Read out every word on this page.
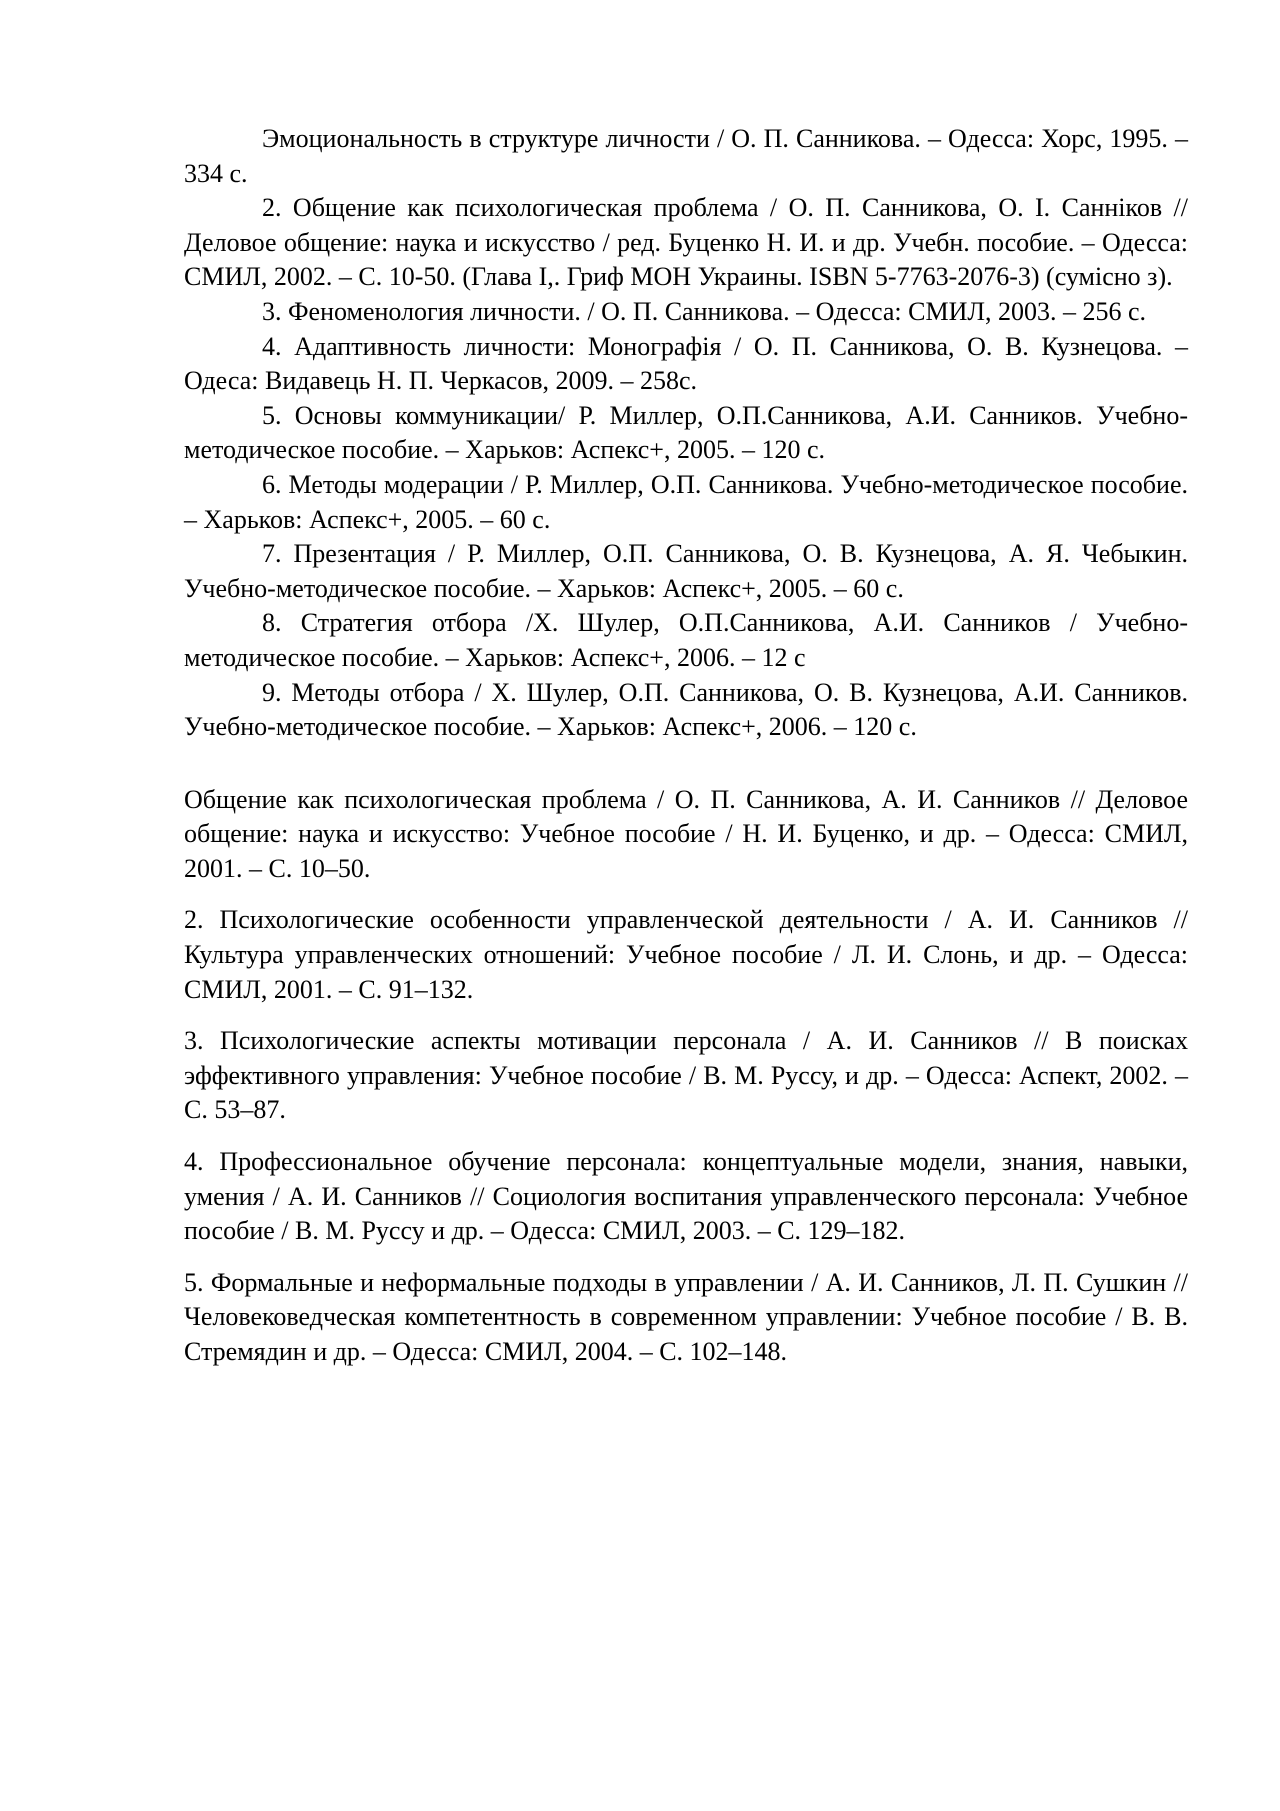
Эмоциональность в структуре личности / О. П. Санникова. – Одесса: Хорс, 1995. – 334 с.

2. Общение как психологическая проблема / О. П. Санникова, О. І. Санніков // Деловое общение: наука и искусство / ред. Буценко Н. И. и др. Учебн. пособие. – Одесса: СМИЛ, 2002. – С. 10-50. (Глава І,. Гриф МОН Украины. ISBN 5-7763-2076-3) (сумісно з).

3. Феноменология личности. / О. П. Санникова. – Одесса: СМИЛ, 2003. – 256 с.

4. Адаптивность личности: Монографія / О. П. Санникова, О. В. Кузнецова. – Одеса: Видавець Н. П. Черкасов, 2009. – 258с.

5. Основы коммуникации/ Р. Миллер, О.П.Санникова, А.И. Санников. Учебно-методическое пособие. – Харьков: Аспекс+, 2005. – 120 с.

6. Методы модерации / Р. Миллер, О.П. Санникова. Учебно-методическое пособие. – Харьков: Аспекс+, 2005. – 60 с.

7. Презентация / Р. Миллер, О.П. Санникова, О. В. Кузнецова, А. Я. Чебыкин. Учебно-методическое пособие. – Харьков: Аспекс+, 2005. – 60 с.

8. Стратегия отбора /Х. Шулер, О.П.Санникова, А.И. Санников / Учебно-методическое пособие. – Харьков: Аспекс+, 2006. – 12 с

9. Методы отбора / Х. Шулер, О.П. Санникова, О. В. Кузнецова, А.И. Санников. Учебно-методическое пособие. – Харьков: Аспекс+, 2006. – 120 с.

Общение как психологическая проблема / О. П. Санникова, А. И. Санников // Деловое общение: наука и искусство: Учебное пособие / Н. И. Буценко, и др. – Одесса: СМИЛ, 2001. – С. 10–50.

2. Психологические особенности управленческой деятельности / А. И. Санников // Культура управленческих отношений: Учебное пособие / Л. И. Слонь, и др. – Одесса: СМИЛ, 2001. – С. 91–132.

3. Психологические аспекты мотивации персонала / А. И. Санников // В поисках эффективного управления: Учебное пособие / В. М. Руссу, и др. – Одесса: Аспект, 2002. – С. 53–87.

4. Профессиональное обучение персонала: концептуальные модели, знания, навыки, умения / А. И. Санников // Социология воспитания управленческого персонала: Учебное пособие / В. М. Руссу и др. – Одесса: СМИЛ, 2003. – С. 129–182.

5. Формальные и неформальные подходы в управлении / А. И. Санников, Л. П. Сушкин // Человековедческая компетентность в современном управлении: Учебное пособие / В. В. Стремядин и др. – Одесса: СМИЛ, 2004. – С. 102–148.
